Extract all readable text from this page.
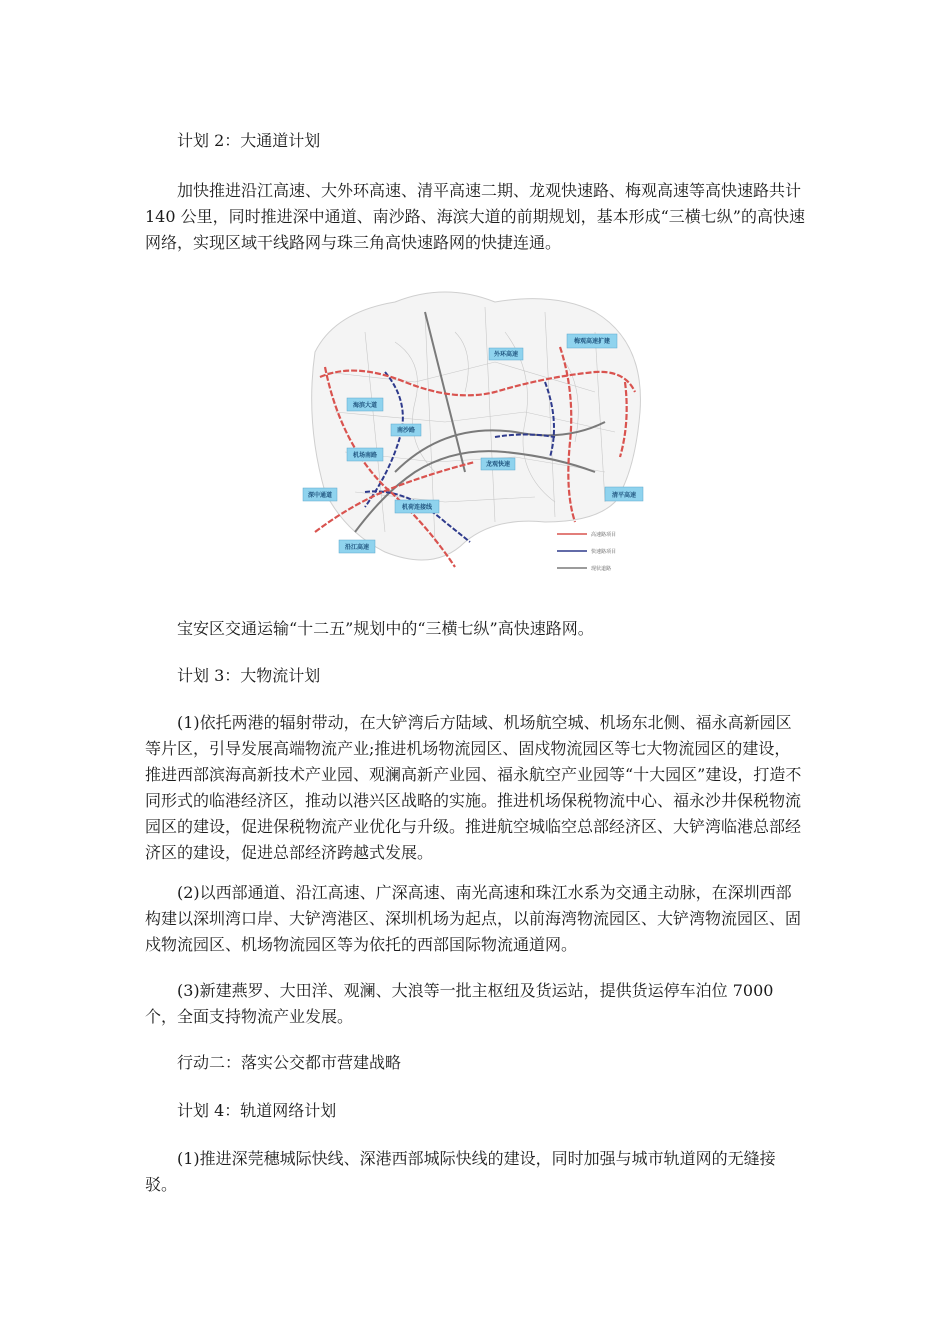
计划 2：大通道计划

加快推进沿江高速、大外环高速、清平高速二期、龙观快速路、梅观高速等高快速路共计 140 公里，同时推进深中通道、南沙路、海滨大道的前期规划，基本形成“三横七纵”的高快速网络，实现区域干线路网与珠三角高快速路网的快捷连通。

外环高速
梅观高速扩建
海滨大道
南沙路
机场南路
龙观快速
深中通道
机荷连接线
沿江高速
清平高速
高速路项目
快速路项目
现状道路

宝安区交通运输“十二五”规划中的“三横七纵”高快速路网。

计划 3：大物流计划

(1)依托两港的辐射带动，在大铲湾后方陆域、机场航空城、机场东北侧、福永高新园区等片区，引导发展高端物流产业;推进机场物流园区、固戍物流园区等七大物流园区的建设，推进西部滨海高新技术产业园、观澜高新产业园、福永航空产业园等“十大园区”建设，打造不同形式的临港经济区，推动以港兴区战略的实施。推进机场保税物流中心、福永沙井保税物流园区的建设，促进保税物流产业优化与升级。推进航空城临空总部经济区、大铲湾临港总部经济区的建设，促进总部经济跨越式发展。

(2)以西部通道、沿江高速、广深高速、南光高速和珠江水系为交通主动脉，在深圳西部构建以深圳湾口岸、大铲湾港区、深圳机场为起点，以前海湾物流园区、大铲湾物流园区、固戍物流园区、机场物流园区等为依托的西部国际物流通道网。

(3)新建燕罗、大田洋、观澜、大浪等一批主枢纽及货运站，提供货运停车泊位 7000 个，全面支持物流产业发展。

行动二：落实公交都市营建战略

计划 4：轨道网络计划

(1)推进深莞穗城际快线、深港西部城际快线的建设，同时加强与城市轨道网的无缝接驳。
